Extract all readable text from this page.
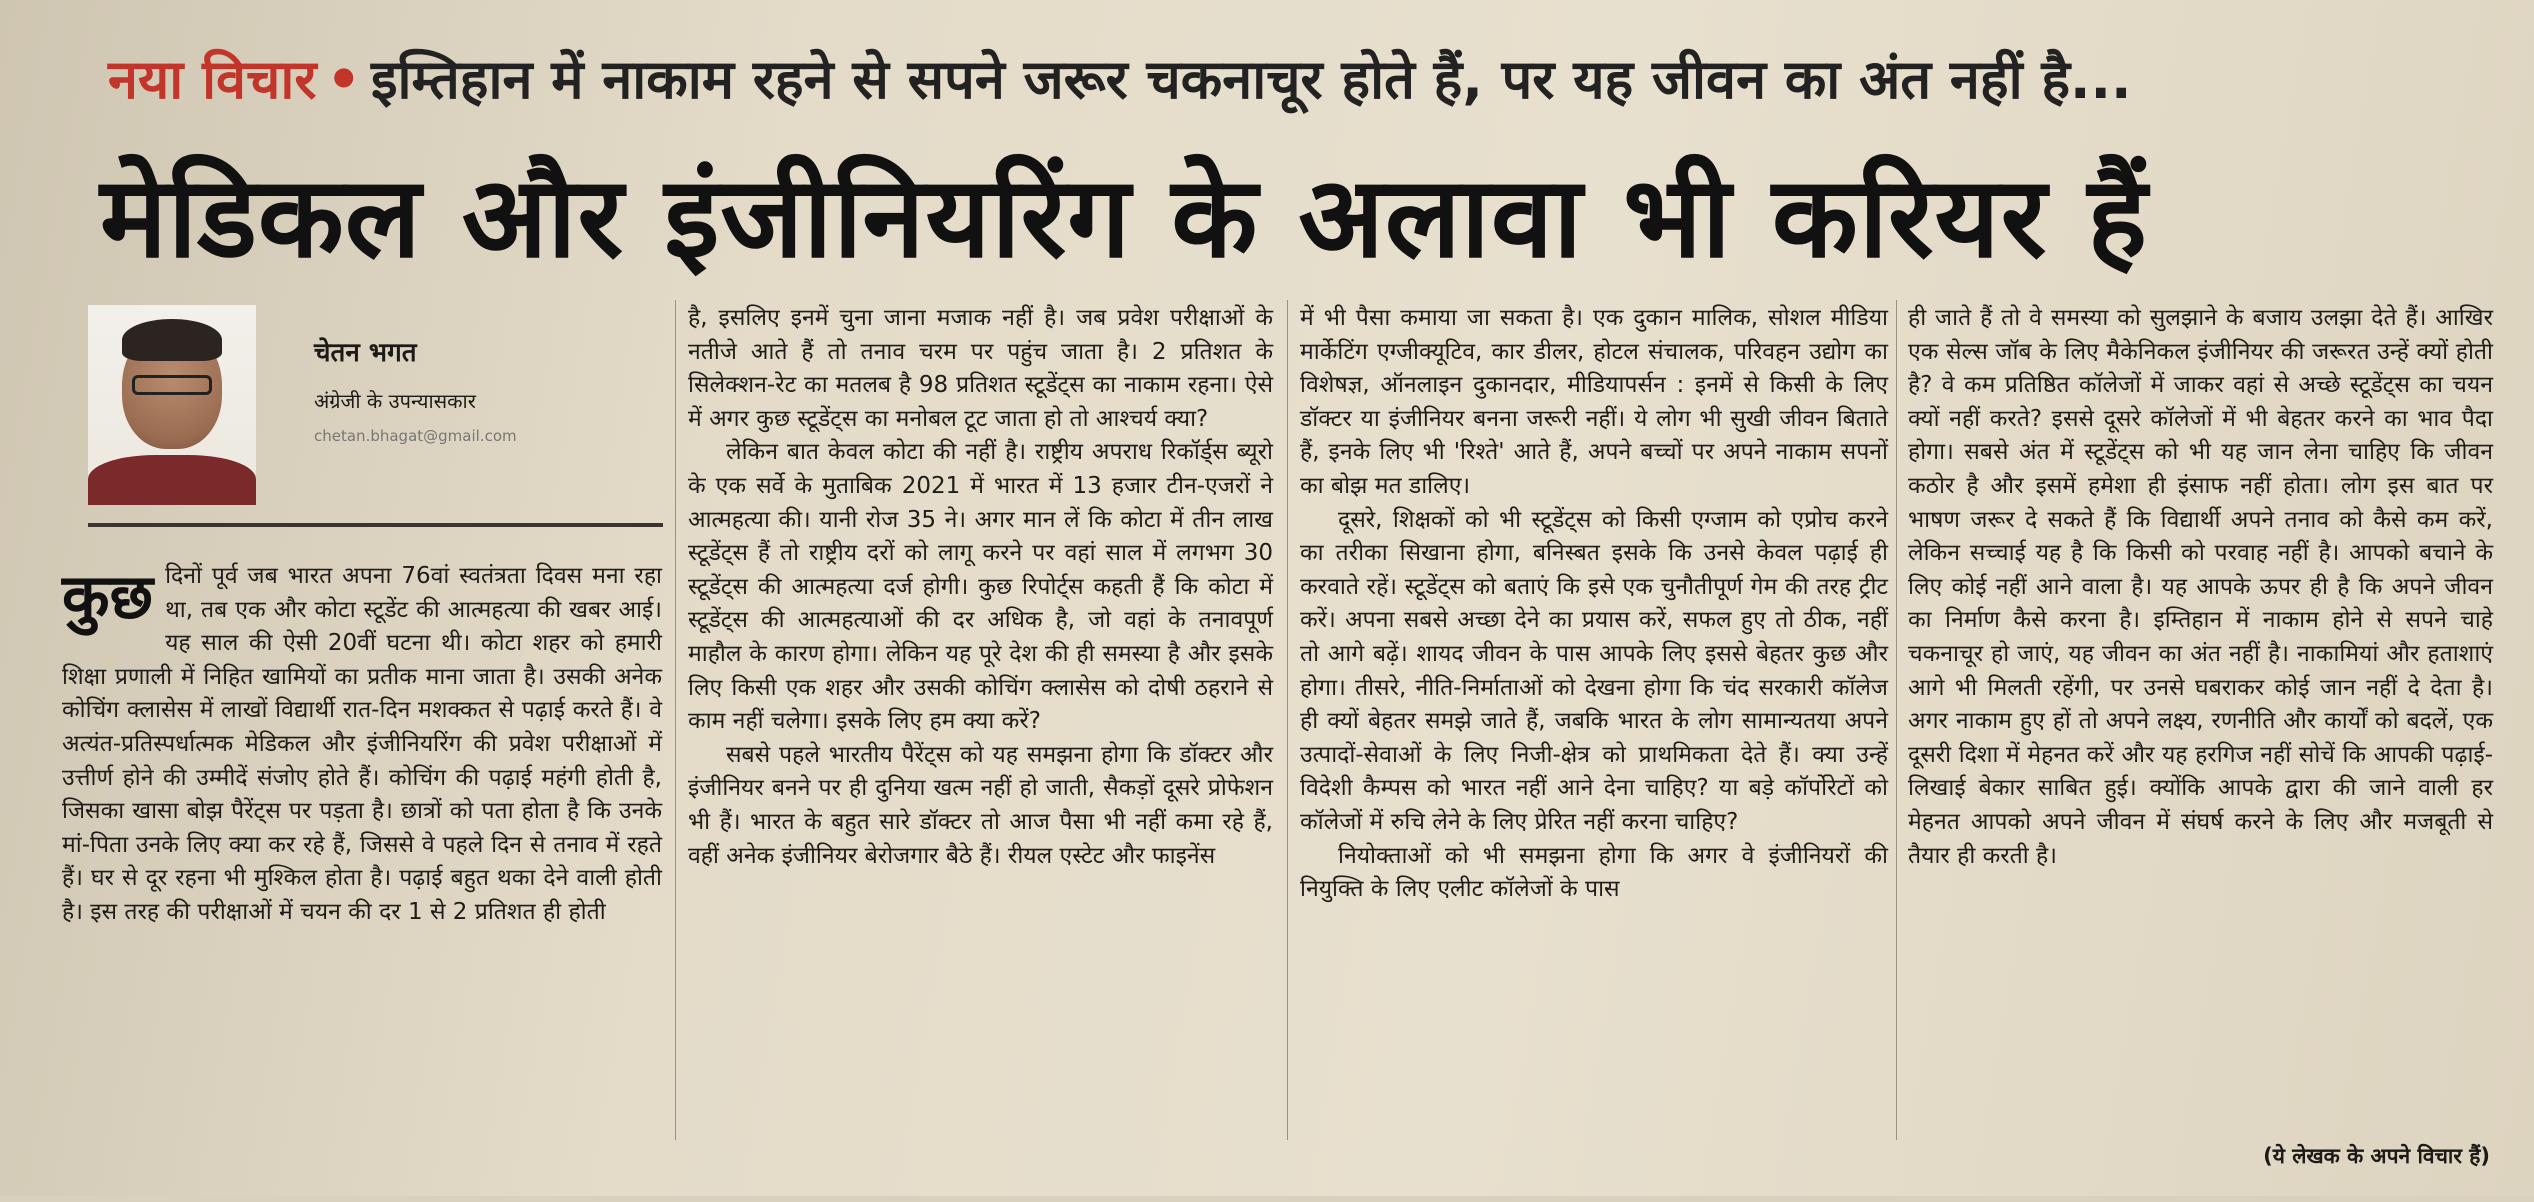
नया विचार • इम्तिहान में नाकाम रहने से सपने जरूर चकनाचूर होते हैं, पर यह जीवन का अंत नहीं है...
मेडिकल और इंजीनियरिंग के अलावा भी करियर हैं
चेतन भगत
अंग्रेजी के उपन्यासकार
chetan.bhagat@gmail.com

कुछ दिनों पूर्व जब भारत अपना 76वां स्वतंत्रता दिवस मना रहा था, तब एक और कोटा स्टूडेंट की आत्महत्या की खबर आई। यह साल की ऐसी 20वीं घटना थी। कोटा शहर को हमारी शिक्षा प्रणाली में निहित खामियों का प्रतीक माना जाता है। उसकी अनेक कोचिंग क्लासेस में लाखों विद्यार्थी रात-दिन मशक्कत से पढ़ाई करते हैं। वे अत्यंत-प्रतिस्पर्धात्मक मेडिकल और इंजीनियरिंग की प्रवेश परीक्षाओं में उत्तीर्ण होने की उम्मीदें संजोए होते हैं। कोचिंग की पढ़ाई महंगी होती है, जिसका खासा बोझ पैरेंट्स पर पड़ता है। छात्रों को पता होता है कि उनके मां-पिता उनके लिए क्या कर रहे हैं, जिससे वे पहले दिन से तनाव में रहते हैं। घर से दूर रहना भी मुश्किल होता है। पढ़ाई बहुत थका देने वाली होती है। इस तरह की परीक्षाओं में चयन की दर 1 से 2 प्रतिशत ही होती

है, इसलिए इनमें चुना जाना मजाक नहीं है। जब प्रवेश परीक्षाओं के नतीजे आते हैं तो तनाव चरम पर पहुंच जाता है। 2 प्रतिशत के सिलेक्शन-रेट का मतलब है 98 प्रतिशत स्टूडेंट्स का नाकाम रहना। ऐसे में अगर कुछ स्टूडेंट्स का मनोबल टूट जाता हो तो आश्चर्य क्या?

लेकिन बात केवल कोटा की नहीं है। राष्ट्रीय अपराध रिकॉर्ड्स ब्यूरो के एक सर्वे के मुताबिक 2021 में भारत में 13 हजार टीन-एजरों ने आत्महत्या की। यानी रोज 35 ने। अगर मान लें कि कोटा में तीन लाख स्टूडेंट्स हैं तो राष्ट्रीय दरों को लागू करने पर वहां साल में लगभग 30 स्टूडेंट्स की आत्महत्या दर्ज होगी। कुछ रिपोर्ट्स कहती हैं कि कोटा में स्टूडेंट्स की आत्महत्याओं की दर अधिक है, जो वहां के तनावपूर्ण माहौल के कारण होगा। लेकिन यह पूरे देश की ही समस्या है और इसके लिए किसी एक शहर और उसकी कोचिंग क्लासेस को दोषी ठहराने से काम नहीं चलेगा। इसके लिए हम क्या करें?

सबसे पहले भारतीय पैरेंट्स को यह समझना होगा कि डॉक्टर और इंजीनियर बनने पर ही दुनिया खत्म नहीं हो जाती, सैकड़ों दूसरे प्रोफेशन भी हैं। भारत के बहुत सारे डॉक्टर तो आज पैसा भी नहीं कमा रहे हैं, वहीं अनेक इंजीनियर बेरोजगार बैठे हैं। रीयल एस्टेट और फाइनेंस

में भी पैसा कमाया जा सकता है। एक दुकान मालिक, सोशल मीडिया मार्केटिंग एग्जीक्यूटिव, कार डीलर, होटल संचालक, परिवहन उद्योग का विशेषज्ञ, ऑनलाइन दुकानदार, मीडियापर्सन : इनमें से किसी के लिए डॉक्टर या इंजीनियर बनना जरूरी नहीं। ये लोग भी सुखी जीवन बिताते हैं, इनके लिए भी 'रिश्ते' आते हैं, अपने बच्चों पर अपने नाकाम सपनों का बोझ मत डालिए।

दूसरे, शिक्षकों को भी स्टूडेंट्स को किसी एग्जाम को एप्रोच करने का तरीका सिखाना होगा, बनिस्बत इसके कि उनसे केवल पढ़ाई ही करवाते रहें। स्टूडेंट्स को बताएं कि इसे एक चुनौतीपूर्ण गेम की तरह ट्रीट करें। अपना सबसे अच्छा देने का प्रयास करें, सफल हुए तो ठीक, नहीं तो आगे बढ़ें। शायद जीवन के पास आपके लिए इससे बेहतर कुछ और होगा। तीसरे, नीति-निर्माताओं को देखना होगा कि चंद सरकारी कॉलेज ही क्यों बेहतर समझे जाते हैं, जबकि भारत के लोग सामान्यतया अपने उत्पादों-सेवाओं के लिए निजी-क्षेत्र को प्राथमिकता देते हैं। क्या उन्हें विदेशी कैम्पस को भारत नहीं आने देना चाहिए? या बड़े कॉर्पोरेटों को कॉलेजों में रुचि लेने के लिए प्रेरित नहीं करना चाहिए?

नियोक्ताओं को भी समझना होगा कि अगर वे इंजीनियरों की नियुक्ति के लिए एलीट कॉलेजों के पास

ही जाते हैं तो वे समस्या को सुलझाने के बजाय उलझा देते हैं। आखिर एक सेल्स जॉब के लिए मैकेनिकल इंजीनियर की जरूरत उन्हें क्यों होती है? वे कम प्रतिष्ठित कॉलेजों में जाकर वहां से अच्छे स्टूडेंट्स का चयन क्यों नहीं करते? इससे दूसरे कॉलेजों में भी बेहतर करने का भाव पैदा होगा। सबसे अंत में स्टूडेंट्स को भी यह जान लेना चाहिए कि जीवन कठोर है और इसमें हमेशा ही इंसाफ नहीं होता। लोग इस बात पर भाषण जरूर दे सकते हैं कि विद्यार्थी अपने तनाव को कैसे कम करें, लेकिन सच्चाई यह है कि किसी को परवाह नहीं है। आपको बचाने के लिए कोई नहीं आने वाला है। यह आपके ऊपर ही है कि अपने जीवन का निर्माण कैसे करना है। इम्तिहान में नाकाम होने से सपने चाहे चकनाचूर हो जाएं, यह जीवन का अंत नहीं है। नाकामियां और हताशाएं आगे भी मिलती रहेंगी, पर उनसे घबराकर कोई जान नहीं दे देता है। अगर नाकाम हुए हों तो अपने लक्ष्य, रणनीति और कार्यों को बदलें, एक दूसरी दिशा में मेहनत करें और यह हरगिज नहीं सोचें कि आपकी पढ़ाई-लिखाई बेकार साबित हुई। क्योंकि आपके द्वारा की जाने वाली हर मेहनत आपको अपने जीवन में संघर्ष करने के लिए और मजबूती से तैयार ही करती है।

(ये लेखक के अपने विचार हैं)
